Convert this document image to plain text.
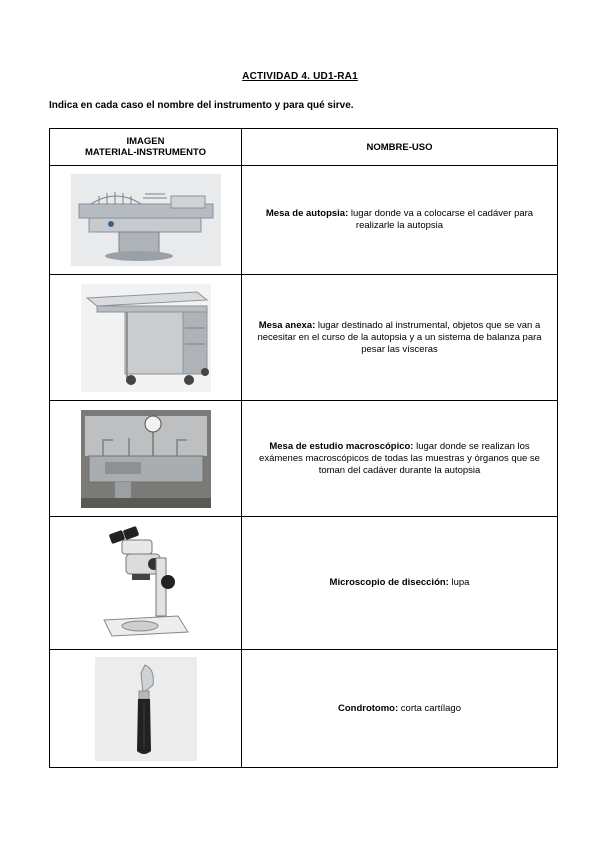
ACTIVIDAD 4. UD1-RA1
Indica en cada caso el nombre del instrumento y para qué sirve.
IMAGEN
MATERIAL-INSTRUMENTO	NOMBRE-USO

	Mesa de autopsia: lugar donde va a colocarse el cadáver para realizarle la autopsia

	Mesa anexa: lugar destinado al instrumental, objetos que se van a necesitar en el curso de la autopsia y a un sistema de balanza para pesar las vísceras

	Mesa de estudio macroscópico: lugar donde se realizan los exámenes macroscópicos de todas las muestras y órganos que se toman del cadáver durante la autopsia

	Microscopio de disección: lupa

	Condrotomo: corta cartílago
